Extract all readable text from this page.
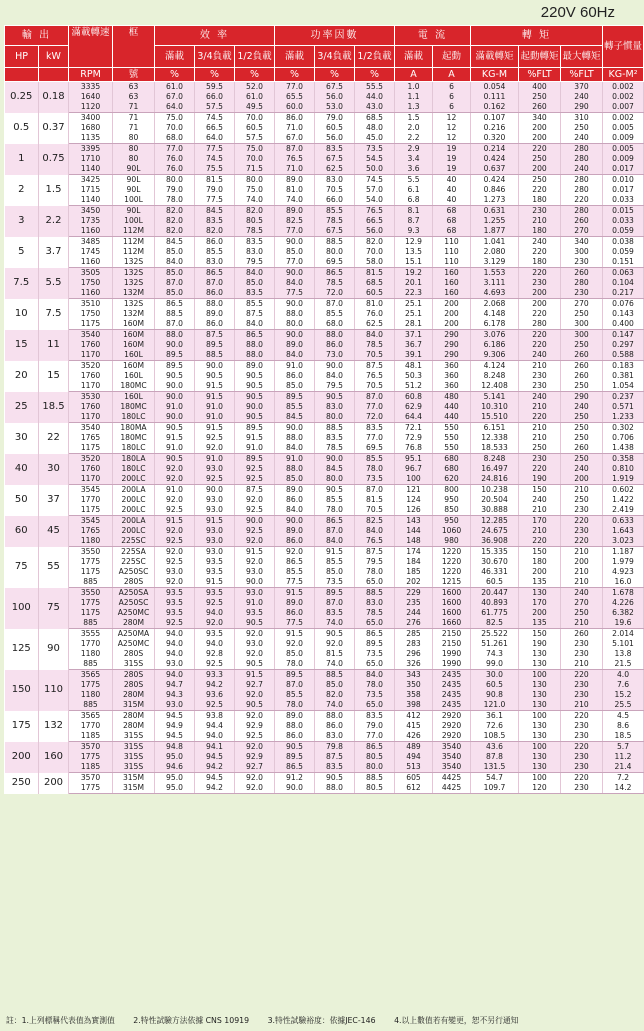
220V 60Hz
輸 出		滿載轉速	框	效 率			功率因數			電 流		轉 矩			轉子慣量
HP	kW			滿載	3/4負載	1/2負載	滿載	3/4負載	1/2負載	滿載	起動	滿載轉矩	起動轉矩	最大轉矩	
		RPM	號	%	%	%	%	%	%	A	A	KG-M	%FLT	%FLT	KG-M²
0.25	0.18	3335	63	61.0	59.5	52.0	77.0	67.5	55.5	1.0	6	0.054	400	370	0.002
		1640	63	67.0	66.0	61.0	65.5	56.0	44.0	1.1	6	0.111	250	240	0.002
		1120	71	64.0	57.5	49.5	60.0	53.0	43.0	1.3	6	0.162	260	290	0.007
0.5	0.37	3400	71	75.0	74.5	70.0	86.0	79.0	68.5	1.5	12	0.107	340	310	0.002
		1680	71	70.0	66.5	60.5	71.0	60.5	48.0	2.0	12	0.216	200	250	0.005
		1135	80	68.0	64.0	57.5	67.0	56.0	45.0	2.2	12	0.320	200	240	0.009
1	0.75	3395	80	77.0	77.5	75.0	87.0	83.5	73.5	2.9	19	0.214	220	280	0.005
		1710	80	76.0	74.5	70.0	76.5	67.5	54.5	3.4	19	0.424	250	280	0.009
		1140	90L	76.0	75.5	71.5	71.0	62.5	50.0	3.6	19	0.637	200	240	0.017
2	1.5	3425	90L	80.0	81.5	80.0	89.0	83.0	74.5	5.5	40	0.424	250	280	0.010
		1715	90L	79.0	79.0	75.0	81.0	70.5	57.0	6.1	40	0.846	220	280	0.017
		1140	100L	78.0	77.5	74.0	74.0	66.0	54.0	6.8	40	1.273	180	220	0.033
3	2.2	3450	90L	82.0	84.5	82.0	89.0	85.5	76.5	8.1	68	0.631	230	280	0.015
		1735	100L	82.0	83.5	80.5	82.5	78.5	66.5	8.7	68	1.255	210	260	0.033
		1160	112M	82.0	82.0	78.5	77.0	67.5	56.0	9.3	68	1.877	180	270	0.059
5	3.7	3485	112M	84.5	86.0	83.5	90.0	88.5	82.0	12.9	110	1.041	240	340	0.038
		1745	112M	85.0	85.5	83.0	85.0	80.0	70.0	13.5	110	2.080	220	300	0.059
		1160	132S	84.0	83.0	79.5	77.0	69.5	58.0	15.1	110	3.129	180	230	0.151
7.5	5.5	3505	132S	85.0	86.5	84.0	90.0	86.5	81.5	19.2	160	1.553	220	260	0.063
		1750	132S	87.0	87.0	85.0	84.0	78.5	68.5	20.1	160	3.111	230	280	0.104
		1160	132M	85.0	86.0	83.5	77.5	72.0	60.5	22.3	160	4.693	200	230	0.217
10	7.5	3510	132S	86.5	88.0	85.5	90.0	87.0	81.0	25.1	200	2.068	200	270	0.076
		1750	132M	88.5	89.0	87.5	88.0	85.5	76.0	25.1	200	4.148	220	250	0.143
		1175	160M	87.0	86.0	84.0	80.0	68.0	62.5	28.1	200	6.178	280	300	0.400
15	11	3540	160M	88.0	87.5	86.5	90.0	88.0	84.0	37.1	290	3.076	220	300	0.147
		1760	160M	90.0	89.5	88.0	89.0	86.0	78.5	36.7	290	6.186	220	250	0.297
		1170	160L	89.5	88.5	88.0	84.0	73.0	70.5	39.1	290	9.306	240	260	0.588
20	15	3520	160M	89.5	90.0	89.0	91.0	90.0	87.5	48.1	360	4.124	210	260	0.183
		1760	160L	90.5	90.5	90.5	86.0	84.0	76.5	50.3	360	8.248	230	260	0.381
		1170	180MC	90.0	91.5	90.5	85.0	79.5	70.5	51.2	360	12.408	230	250	1.054
25	18.5	3530	160L	90.0	91.5	90.5	89.5	90.5	87.0	60.8	480	5.141	240	290	0.237
		1760	180MC	91.0	91.0	90.0	85.5	83.0	77.0	62.9	440	10.310	210	240	0.571
		1170	180LC	90.0	91.0	90.5	84.5	80.0	72.0	64.4	440	15.510	220	250	1.233
30	22	3540	180MA	90.5	91.5	89.5	90.0	88.5	83.5	72.1	550	6.151	210	250	0.302
		1765	180MC	91.5	92.5	91.5	88.0	83.5	77.0	72.9	550	12.338	210	250	0.706
		1175	180LC	91.0	92.0	91.0	84.0	78.5	69.5	76.8	550	18.533	250	260	1.438
40	30	3520	180LA	90.5	91.0	89.5	91.0	90.0	85.5	95.1	680	8.248	230	250	0.358
		1760	180LC	92.0	93.0	92.5	88.0	84.5	78.0	96.7	680	16.497	220	240	0.810
		1170	200LC	92.0	92.5	92.5	85.0	80.0	73.5	100	620	24.816	190	200	1.919
50	37	3545	200LA	91.0	90.0	87.5	89.0	90.5	87.0	121	800	10.238	150	210	0.602
		1770	200LC	92.0	93.0	92.0	86.0	85.5	81.5	124	950	20.504	240	250	1.422
		1175	200LC	92.5	93.0	92.5	84.0	78.0	70.5	126	850	30.888	210	230	2.419
60	45	3545	200LA	91.5	91.5	90.0	90.0	86.5	82.5	143	950	12.285	170	220	0.633
		1765	200LC	92.0	93.0	92.5	89.0	87.0	84.0	144	1060	24.675	210	230	1.643
		1180	225SC	92.5	93.0	92.0	86.0	84.0	76.5	148	980	36.908	220	220	3.023
75	55	3550	225SA	92.0	93.0	91.5	92.0	91.5	87.5	174	1220	15.335	150	210	1.187
		1775	225SC	92.5	93.5	92.0	86.5	85.5	79.5	184	1220	30.670	180	200	1.979
		1175	A250SC	93.0	93.5	93.0	85.5	85.0	78.0	185	1220	46.331	200	210	4.923
		885	280S	92.0	91.5	90.0	77.5	73.5	65.0	202	1215	60.5	135	210	16.0
100	75	3550	A250SA	93.5	93.5	93.0	91.5	89.5	88.5	229	1600	20.447	130	240	1.678
		1775	A250SC	93.5	92.5	91.0	89.0	87.0	83.0	235	1600	40.893	170	270	4.226
		1175	A250MC	93.5	94.0	93.5	86.0	83.5	78.5	244	1600	61.775	200	250	6.382
		885	280M	92.5	92.0	90.5	77.5	74.0	65.0	276	1660	82.5	135	210	19.6
125	90	3555	A250MA	94.0	93.5	92.0	91.5	90.5	86.5	285	2150	25.522	150	260	2.014
		1770	A250MC	94.0	94.0	93.0	92.0	92.0	89.5	283	2150	51.261	190	230	5.101
		1180	280S	94.0	92.8	92.0	85.0	81.5	73.5	296	1990	74.3	130	230	13.8
		885	315S	93.0	92.5	90.5	78.0	74.0	65.0	326	1990	99.0	130	210	21.5
150	110	3565	280S	94.0	93.3	91.5	89.5	88.5	84.0	343	2435	30.0	100	220	4.0
		1775	280S	94.7	94.2	92.7	87.0	85.0	78.0	350	2435	60.5	130	230	7.6
		1180	280M	94.3	93.6	92.0	85.5	82.0	73.5	358	2435	90.8	130	230	15.2
		885	315M	93.0	92.5	90.5	78.0	74.0	65.0	398	2435	121.0	130	210	25.5
175	132	3565	280M	94.5	93.8	92.0	89.0	88.0	83.5	412	2920	36.1	100	220	4.5
		1770	280M	94.9	94.4	92.9	88.0	86.0	79.0	415	2920	72.6	130	230	8.6
		1185	315S	94.5	94.0	92.5	86.0	83.0	77.0	426	2920	108.5	130	230	18.5
200	160	3570	315S	94.8	94.1	92.0	90.5	79.8	86.5	489	3540	43.6	100	220	5.7
		1775	315S	95.0	94.5	92.9	89.5	87.5	80.5	494	3540	87.8	130	230	11.2
		1185	315S	94.6	94.2	92.7	86.5	83.5	80.0	513	3540	131.5	130	230	21.4
250	200	3570	315M	95.0	94.5	92.0	91.2	90.5	88.5	605	4425	54.7	100	220	7.2
		1775	315M	95.0	94.2	92.0	90.0	88.0	80.5	612	4425	109.7	120	230	14.2
註：1.上列標稱代表值為實測值 2.特性試驗方法依據 CNS 10919 3.特性試驗裕度：依據JEC-146 4.以上數值若有變更，恕不另行通知
